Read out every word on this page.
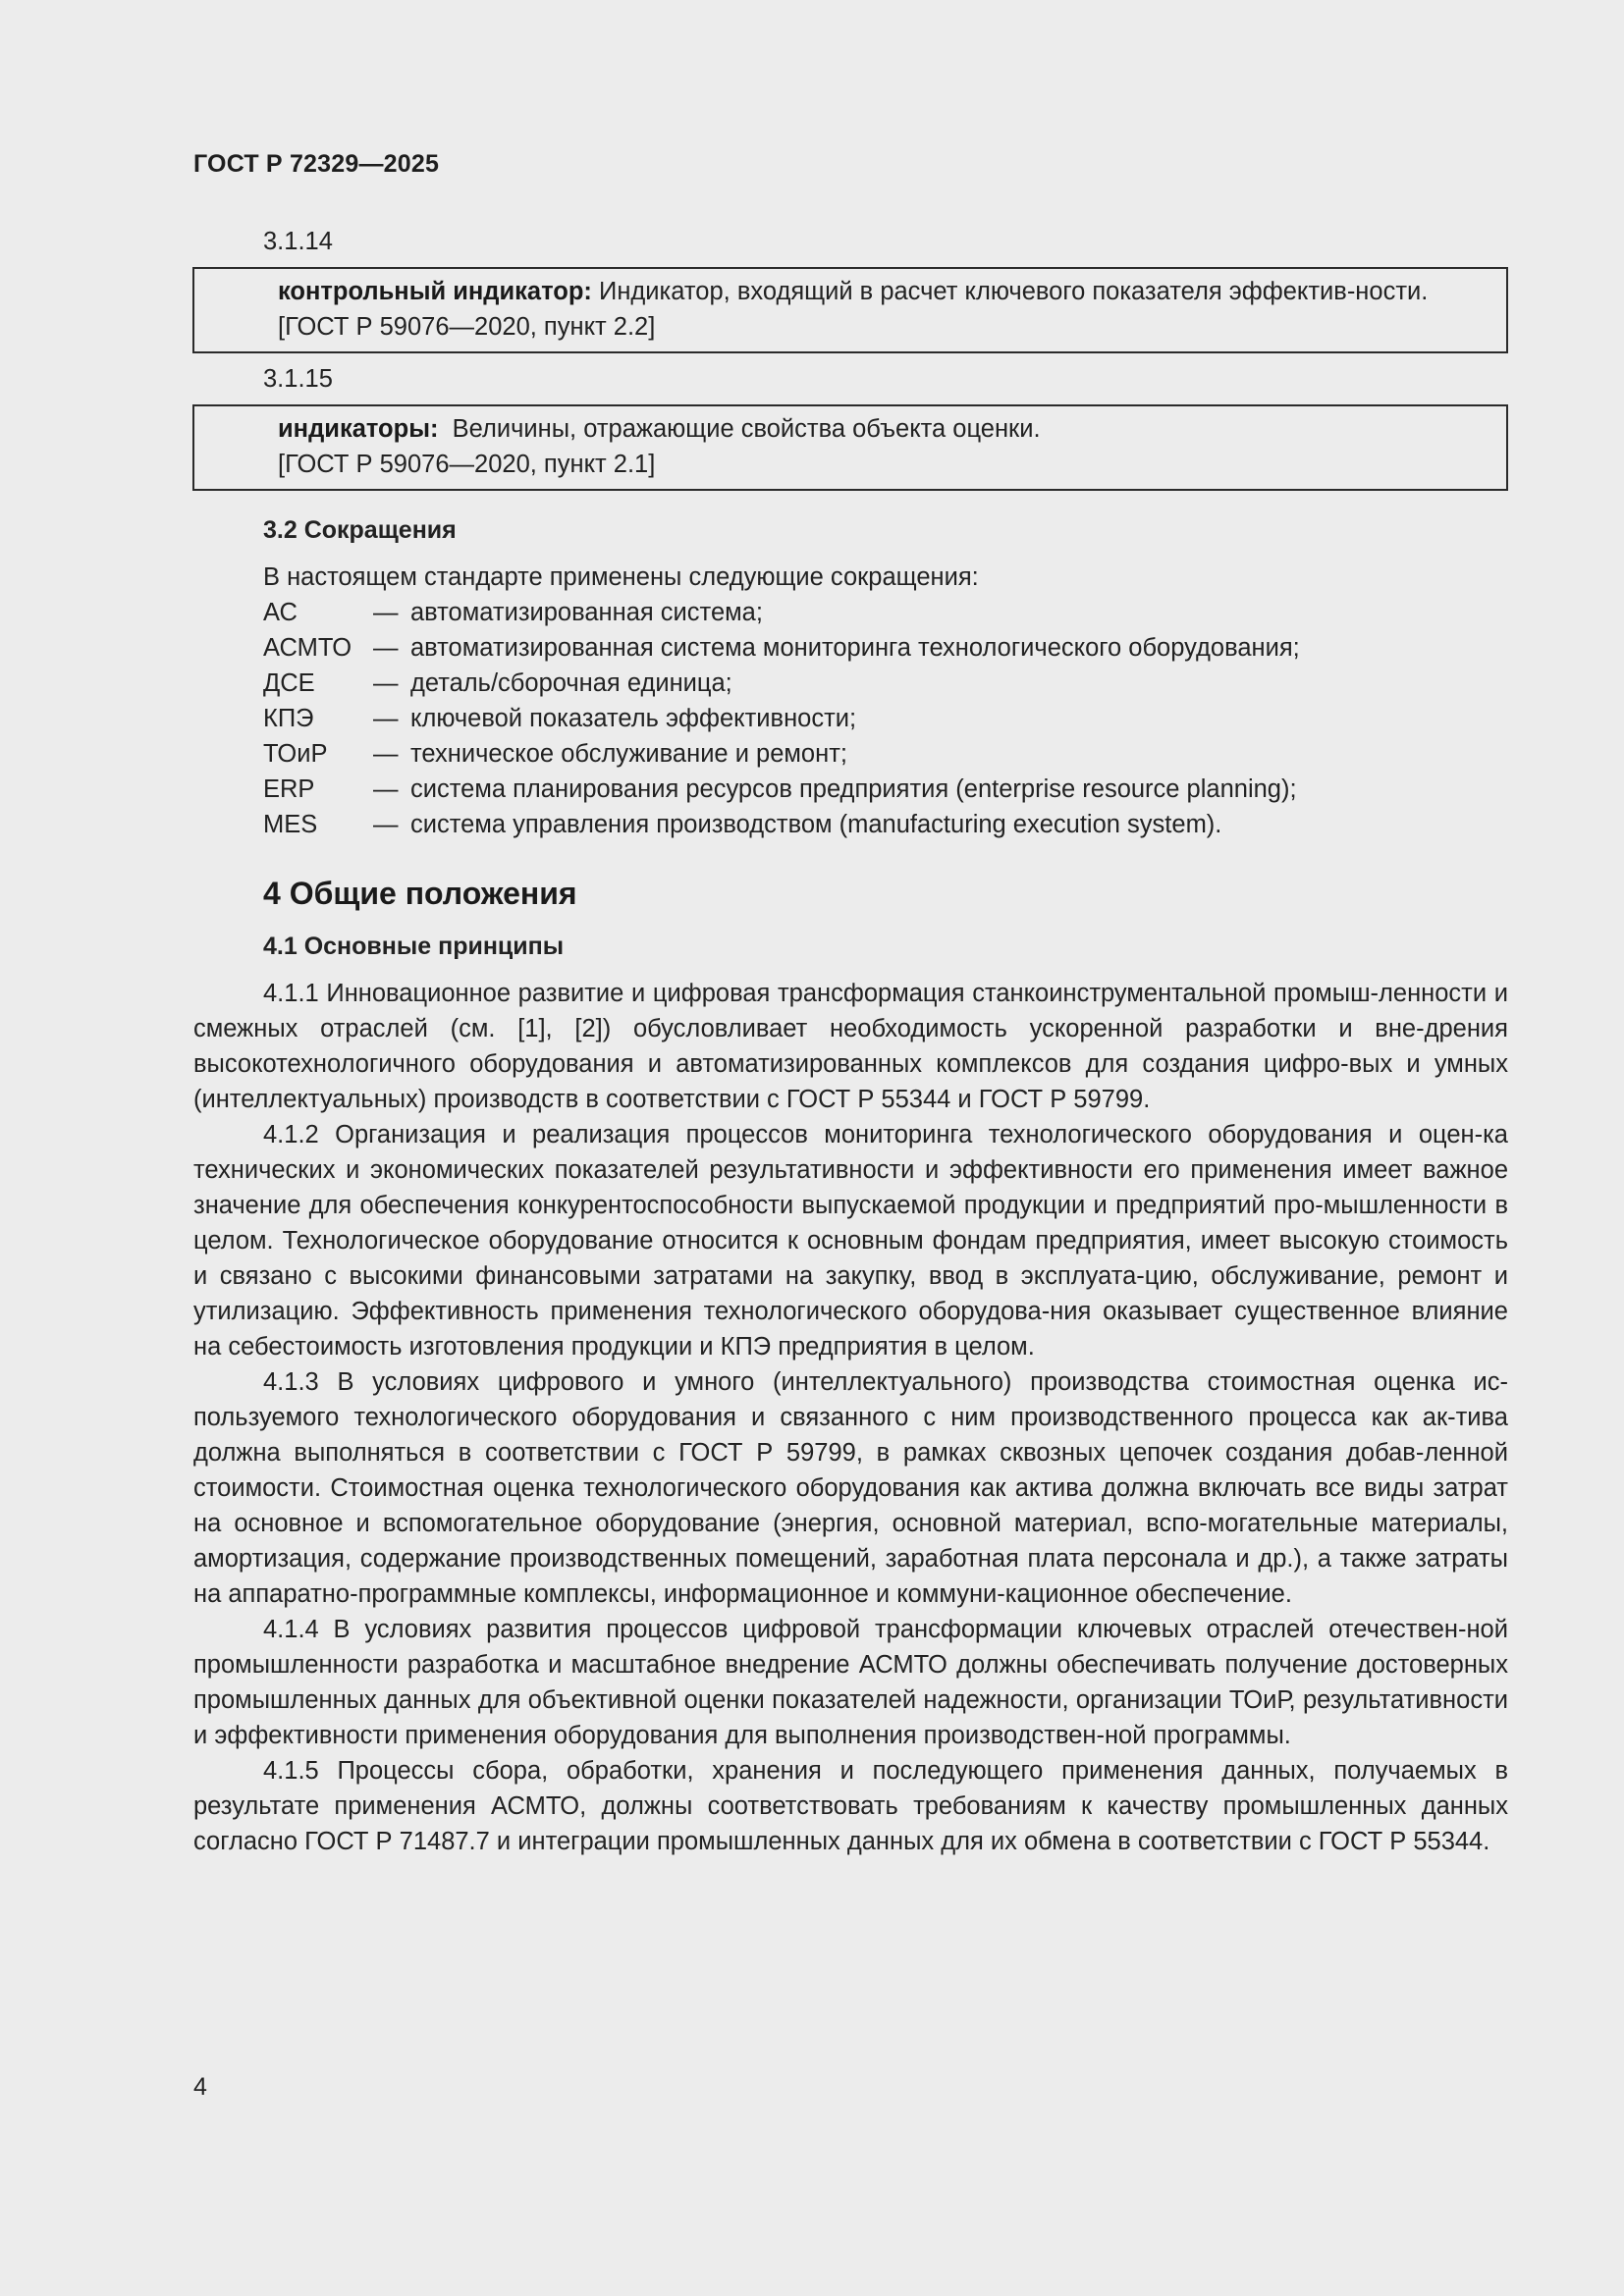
ГОСТ Р 72329—2025

3.1.14

контрольный индикатор: Индикатор, входящий в расчет ключевого показателя эффектив-ности.

[ГОСТ Р 59076—2020, пункт 2.2]

3.1.15

индикаторы: Величины, отражающие свойства объекта оценки.

[ГОСТ Р 59076—2020, пункт 2.1]

3.2 Сокращения

В настоящем стандарте применены следующие сокращения:

АС	— автоматизированная система;
АСМТО — автоматизированная система мониторинга технологического оборудования;
ДСЕ	— деталь/сборочная единица;
КПЭ	— ключевой показатель эффективности;
ТОиР	— техническое обслуживание и ремонт;
ERP	— система планирования ресурсов предприятия (enterprise resource planning);
MES	— система управления производством (manufacturing execution system).
4 Общие положения
4.1 Основные принципы

4.1.1 Инновационное развитие и цифровая трансформация станкоинструментальной промыш-ленности и смежных отраслей (см. [1], [2]) обусловливает необходимость ускоренной разработки и вне-дрения высокотехнологичного оборудования и автоматизированных комплексов для создания цифро-вых и умных (интеллектуальных) производств в соответствии с ГОСТ Р 55344 и ГОСТ Р 59799.

4.1.2 Организация и реализация процессов мониторинга технологического оборудования и оцен-ка технических и экономических показателей результативности и эффективности его применения имеет важное значение для обеспечения конкурентоспособности выпускаемой продукции и предприятий про-мышленности в целом. Технологическое оборудование относится к основным фондам предприятия, имеет высокую стоимость и связано с высокими финансовыми затратами на закупку, ввод в эксплуата-цию, обслуживание, ремонт и утилизацию. Эффективность применения технологического оборудова-ния оказывает существенное влияние на себестоимость изготовления продукции и КПЭ предприятия в целом.

4.1.3 В условиях цифрового и умного (интеллектуального) производства стоимостная оценка ис-пользуемого технологического оборудования и связанного с ним производственного процесса как ак-тива должна выполняться в соответствии с ГОСТ Р 59799, в рамках сквозных цепочек создания добав-ленной стоимости. Стоимостная оценка технологического оборудования как актива должна включать все виды затрат на основное и вспомогательное оборудование (энергия, основной материал, вспо-могательные материалы, амортизация, содержание производственных помещений, заработная плата персонала и др.), а также затраты на аппаратно-программные комплексы, информационное и коммуни-кационное обеспечение.

4.1.4 В условиях развития процессов цифровой трансформации ключевых отраслей отечествен-ной промышленности разработка и масштабное внедрение АСМТО должны обеспечивать получение достоверных промышленных данных для объективной оценки показателей надежности, организации ТОиР, результативности и эффективности применения оборудования для выполнения производствен-ной программы.

4.1.5 Процессы сбора, обработки, хранения и последующего применения данных, получаемых в результате применения АСМТО, должны соответствовать требованиям к качеству промышленных данных согласно ГОСТ Р 71487.7 и интеграции промышленных данных для их обмена в соответствии с ГОСТ Р 55344.

4
